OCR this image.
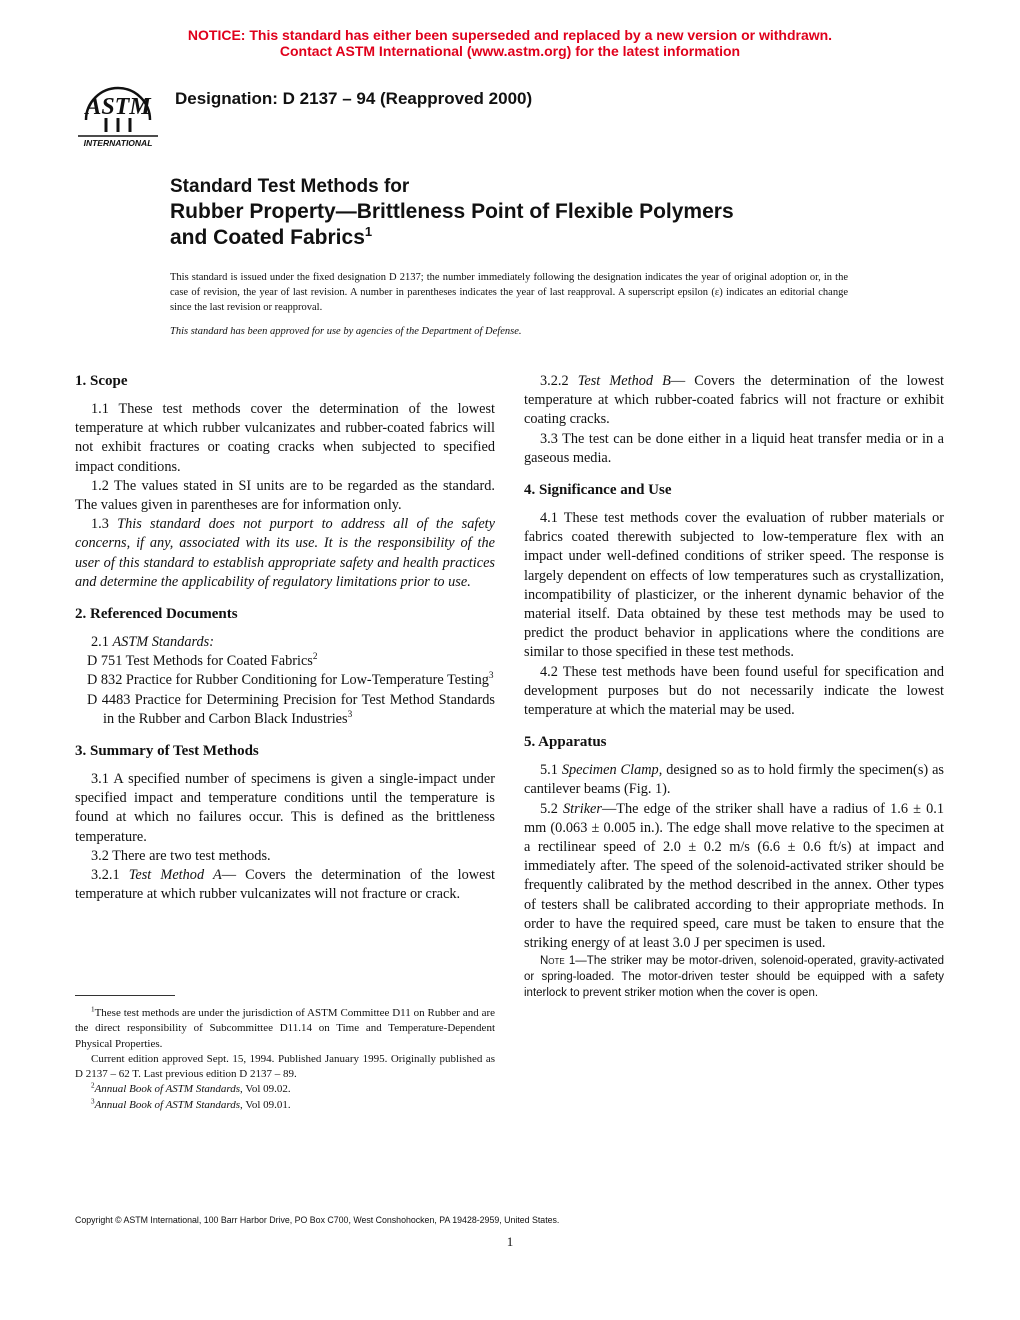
NOTICE: This standard has either been superseded and replaced by a new version or withdrawn.
Contact ASTM International (www.astm.org) for the latest information
ASTM
INTERNATIONAL
Designation: D 2137 – 94 (Reapproved 2000)
Standard Test Methods for
Rubber Property—Brittleness Point of Flexible Polymers
and Coated Fabrics$^1$
This standard is issued under the fixed designation D 2137; the number immediately following the designation indicates the year of original adoption or, in the case of revision, the year of last revision. A number in parentheses indicates the year of last reapproval. A superscript epsilon (ε) indicates an editorial change since the last revision or reapproval.
This standard has been approved for use by agencies of the Department of Defense.
1. Scope

1.1 These test methods cover the determination of the lowest temperature at which rubber vulcanizates and rubber-coated fabrics will not exhibit fractures or coating cracks when subjected to specified impact conditions.

1.2 The values stated in SI units are to be regarded as the standard. The values given in parentheses are for information only.

1.3 This standard does not purport to address all of the safety concerns, if any, associated with its use. It is the responsibility of the user of this standard to establish appropriate safety and health practices and determine the applicability of regulatory limitations prior to use.

2. Referenced Documents

2.1 ASTM Standards:

D 751 Test Methods for Coated Fabrics$^2$

D 832 Practice for Rubber Conditioning for Low-Temperature Testing$^3$

D 4483 Practice for Determining Precision for Test Method Standards in the Rubber and Carbon Black Industries$^3$

3. Summary of Test Methods

3.1 A specified number of specimens is given a single-impact under specified impact and temperature conditions until the temperature is found at which no failures occur. This is defined as the brittleness temperature.

3.2 There are two test methods.

3.2.1 Test Method A— Covers the determination of the lowest temperature at which rubber vulcanizates will not fracture or crack.

3.2.2 Test Method B— Covers the determination of the lowest temperature at which rubber-coated fabrics will not fracture or exhibit coating cracks.

3.3 The test can be done either in a liquid heat transfer media or in a gaseous media.

4. Significance and Use

4.1 These test methods cover the evaluation of rubber materials or fabrics coated therewith subjected to low-temperature flex with an impact under well-defined conditions of striker speed. The response is largely dependent on effects of low temperatures such as crystallization, incompatibility of plasticizer, or the inherent dynamic behavior of the material itself. Data obtained by these test methods may be used to predict the product behavior in applications where the conditions are similar to those specified in these test methods.

4.2 These test methods have been found useful for specification and development purposes but do not necessarily indicate the lowest temperature at which the material may be used.

5. Apparatus

5.1 Specimen Clamp, designed so as to hold firmly the specimen(s) as cantilever beams (Fig. 1).

5.2 Striker—The edge of the striker shall have a radius of 1.6 ± 0.1 mm (0.063 ± 0.005 in.). The edge shall move relative to the specimen at a rectilinear speed of 2.0 ± 0.2 m/s (6.6 ± 0.6 ft/s) at impact and immediately after. The speed of the solenoid-activated striker should be frequently calibrated by the method described in the annex. Other types of testers shall be calibrated according to their appropriate methods. In order to have the required speed, care must be taken to ensure that the striking energy of at least 3.0 J per specimen is used.

Note 1—The striker may be motor-driven, solenoid-operated, gravity-activated or spring-loaded. The motor-driven tester should be equipped with a safety interlock to prevent striker motion when the cover is open.

$^1$These test methods are under the jurisdiction of ASTM Committee D11 on Rubber and are the direct responsibility of Subcommittee D11.14 on Time and Temperature-Dependent Physical Properties.

Current edition approved Sept. 15, 1994. Published January 1995. Originally published as D 2137 – 62 T. Last previous edition D 2137 – 89.

$^2$Annual Book of ASTM Standards, Vol 09.02.

$^3$Annual Book of ASTM Standards, Vol 09.01.

Copyright © ASTM International, 100 Barr Harbor Drive, PO Box C700, West Conshohocken, PA 19428-2959, United States.
1
